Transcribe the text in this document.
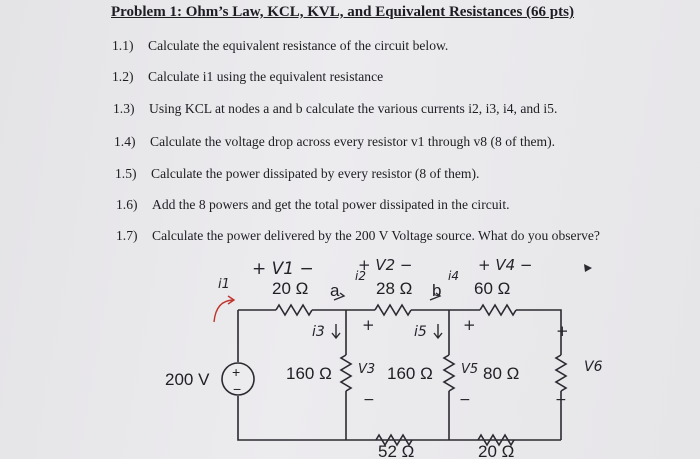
Problem 1: Ohm’s Law, KCL, KVL, and Equivalent Resistances (66 pts)
1.1) Calculate the equivalent resistance of the circuit below.
1.2) Calculate i1 using the equivalent resistance
1.3) Using KCL at nodes a and b calculate the various currents i2, i3, i4, and i5.
1.4) Calculate the voltage drop across every resistor v1 through v8 (8 of them).
1.5) Calculate the power dissipated by every resistor (8 of them).
1.6) Add the 8 powers and get the total power dissipated in the circuit.
1.7) Calculate the power delivered by the 200 V Voltage source. What do you observe?
20 Ω	28 Ω	60 Ω
160 Ω	160 Ω	80 Ω
52 Ω	20 Ω
200 V +
−
a	b
+ V1 −	+ V2 −	+ V4 −
i1
i2	i4
i3	i5
V3	V5	V6
+	+	+
−	−	−
